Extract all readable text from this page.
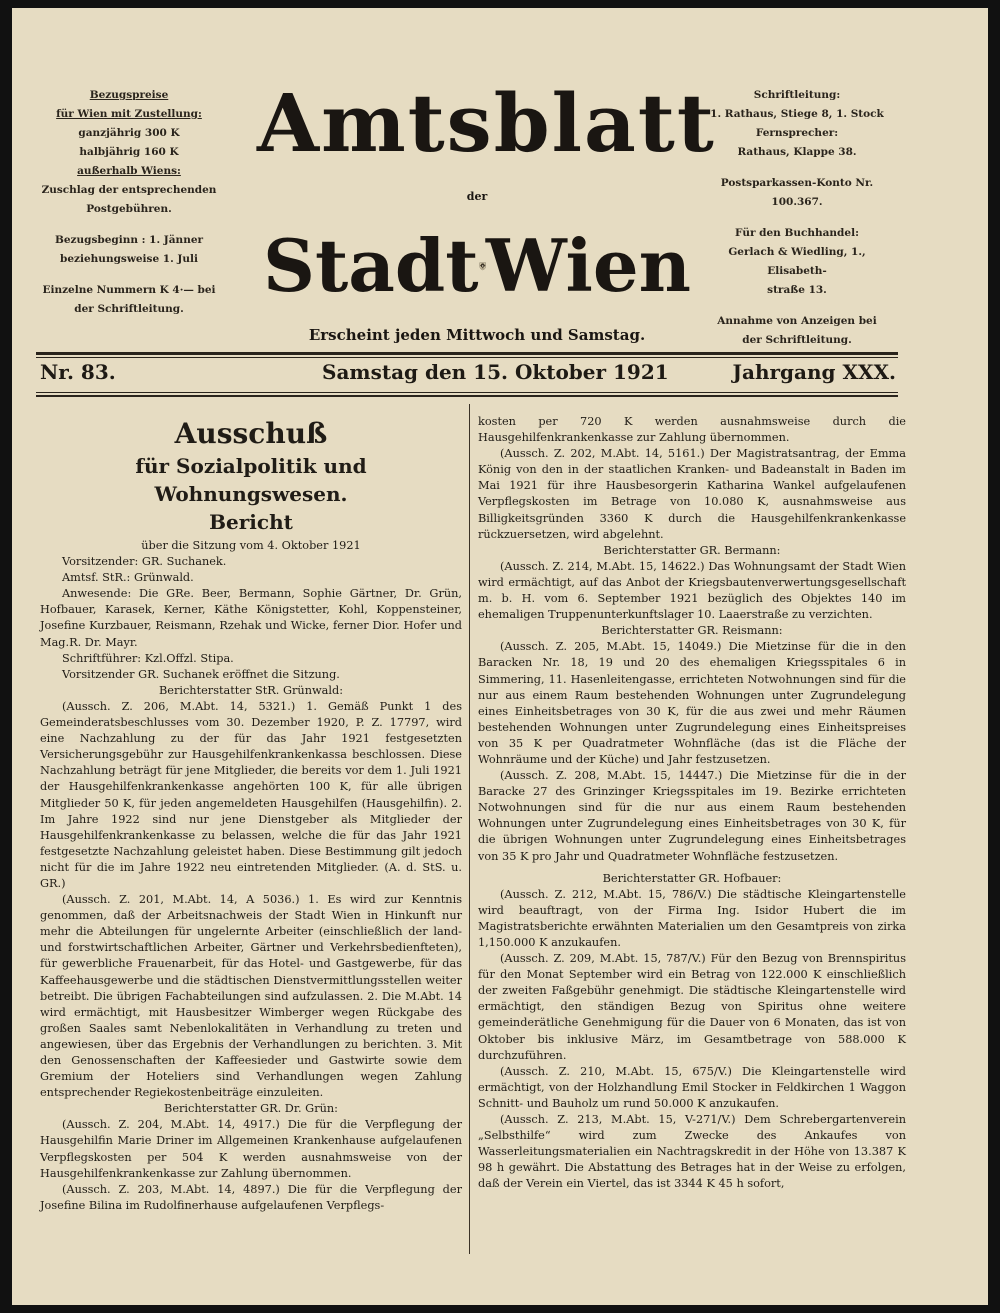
Bezugspreise

für Wien mit Zustellung:

ganzjährig 300 K

halbjährig 160 K

außerhalb Wiens:

Zuschlag der entsprechenden

Postgebühren.

Bezugsbeginn : 1. Jänner

beziehungsweise 1. Juli

Einzelne Nummern K 4·— bei

der Schriftleitung.

Amtsblatt
der
Stadt Wien
Erscheint jeden Mittwoch und Samstag.

Schriftleitung:

1. Rathaus, Stiege 8, 1. Stock

Fernsprecher:

Rathaus, Klappe 38.

Postsparkassen-Konto Nr. 100.367.

Für den Buchhandel:

Gerlach & Wiedling, 1., Elisabeth-

straße 13.

Annahme von Anzeigen bei

der Schriftleitung.

Nr. 83.	Samstag den 15. Oktober 1921	Jahrgang XXX.

Ausschuß

für Sozialpolitik und Wohnungswesen.

Bericht

über die Sitzung vom 4. Oktober 1921

Vorsitzender: GR. Suchanek.

Amtsf. StR.: Grünwald.

Anwesende: Die GRe. Beer, Bermann, Sophie Gärtner, Dr. Grün, Hofbauer, Karasek, Kerner, Käthe Königstetter, Kohl, Koppensteiner, Josefine Kurzbauer, Reismann, Rzehak und Wicke, ferner Dior. Hofer und Mag.R. Dr. Mayr.

Schriftführer: Kzl.Offzl. Stipa.

Vorsitzender GR. Suchanek eröffnet die Sitzung.

Berichterstatter StR. Grünwald:

(Aussch. Z. 206, M.Abt. 14, 5321.) 1. Gemäß Punkt 1 des Gemeinderatsbeschlusses vom 30. Dezember 1920, P. Z. 17797, wird eine Nachzahlung zu der für das Jahr 1921 festgesetzten Versicherungsgebühr zur Hausgehilfenkrankenkassa beschlossen. Diese Nachzahlung beträgt für jene Mitglieder, die bereits vor dem 1. Juli 1921 der Hausgehilfenkrankenkasse angehörten 100 K, für alle übrigen Mitglieder 50 K, für jeden angemeldeten Hausgehilfen (Hausgehilfin). 2. Im Jahre 1922 sind nur jene Dienstgeber als Mitglieder der Hausgehilfenkrankenkasse zu belassen, welche die für das Jahr 1921 festgesetzte Nachzahlung geleistet haben. Diese Bestimmung gilt jedoch nicht für die im Jahre 1922 neu eintretenden Mitglieder. (A. d. StS. u. GR.)

(Aussch. Z. 201, M.Abt. 14, A 5036.) 1. Es wird zur Kenntnis genommen, daß der Arbeitsnachweis der Stadt Wien in Hinkunft nur mehr die Abteilungen für ungelernte Arbeiter (einschließlich der land- und forstwirtschaftlichen Arbeiter, Gärtner und Verkehrsbedienfteten), für gewerbliche Frauenarbeit, für das Hotel- und Gastgewerbe, für das Kaffeehausgewerbe und die städtischen Dienstvermittlungsstellen weiter betreibt. Die übrigen Fachabteilungen sind aufzulassen. 2. Die M.Abt. 14 wird ermächtigt, mit Hausbesitzer Wimberger wegen Rückgabe des großen Saales samt Nebenlokalitäten in Verhandlung zu treten und angewiesen, über das Ergebnis der Verhandlungen zu berichten. 3. Mit den Genossenschaften der Kaffeesieder und Gastwirte sowie dem Gremium der Hoteliers sind Verhandlungen wegen Zahlung entsprechender Regiekostenbeiträge einzuleiten.

Berichterstatter GR. Dr. Grün:

(Aussch. Z. 204, M.Abt. 14, 4917.) Die für die Verpflegung der Hausgehilfin Marie Driner im Allgemeinen Krankenhause aufgelaufenen Verpflegskosten per 504 K werden ausnahmsweise von der Hausgehilfenkrankenkasse zur Zahlung übernommen.

(Aussch. Z. 203, M.Abt. 14, 4897.) Die für die Verpflegung der Josefine Bilina im Rudolfinerhause aufgelaufenen Verpflegs-

kosten per 720 K werden ausnahmsweise durch die Hausgehilfenkrankenkasse zur Zahlung übernommen.

(Aussch. Z. 202, M.Abt. 14, 5161.) Der Magistratsantrag, der Emma König von den in der staatlichen Kranken- und Badeanstalt in Baden im Mai 1921 für ihre Hausbesorgerin Katharina Wankel aufgelaufenen Verpflegskosten im Betrage von 10.080 K, ausnahmsweise aus Billigkeitsgründen 3360 K durch die Hausgehilfenkrankenkasse rückzuersetzen, wird abgelehnt.

Berichterstatter GR. Bermann:

(Aussch. Z. 214, M.Abt. 15, 14622.) Das Wohnungsamt der Stadt Wien wird ermächtigt, auf das Anbot der Kriegsbautenverwertungsgesellschaft m. b. H. vom 6. September 1921 bezüglich des Objektes 140 im ehemaligen Truppenunterkunftslager 10. Laaerstraße zu verzichten.

Berichterstatter GR. Reismann:

(Aussch. Z. 205, M.Abt. 15, 14049.) Die Mietzinse für die in den Baracken Nr. 18, 19 und 20 des ehemaligen Kriegsspitales 6 in Simmering, 11. Hasenleitengasse, errichteten Notwohnungen sind für die nur aus einem Raum bestehenden Wohnungen unter Zugrundelegung eines Einheitsbetrages von 30 K, für die aus zwei und mehr Räumen bestehenden Wohnungen unter Zugrundelegung eines Einheitspreises von 35 K per Quadratmeter Wohnfläche (das ist die Fläche der Wohnräume und der Küche) und Jahr festzusetzen.

(Aussch. Z. 208, M.Abt. 15, 14447.) Die Mietzinse für die in der Baracke 27 des Grinzinger Kriegsspitales im 19. Bezirke errichteten Notwohnungen sind für die nur aus einem Raum bestehenden Wohnungen unter Zugrundelegung eines Einheitsbetrages von 30 K, für die übrigen Wohnungen unter Zugrundelegung eines Einheitsbetrages von 35 K pro Jahr und Quadratmeter Wohnfläche festzusetzen.

Berichterstatter GR. Hofbauer:

(Aussch. Z. 212, M.Abt. 15, 786/V.) Die städtische Kleingartenstelle wird beauftragt, von der Firma Ing. Isidor Hubert die im Magistratsberichte erwähnten Materialien um den Gesamtpreis von zirka 1,150.000 K anzukaufen.

(Aussch. Z. 209, M.Abt. 15, 787/V.) Für den Bezug von Brennspiritus für den Monat September wird ein Betrag von 122.000 K einschließlich der zweiten Faßgebühr genehmigt. Die städtische Kleingartenstelle wird ermächtigt, den ständigen Bezug von Spiritus ohne weitere gemeinderätliche Genehmigung für die Dauer von 6 Monaten, das ist von Oktober bis inklusive März, im Gesamtbetrage von 588.000 K durchzuführen.

(Aussch. Z. 210, M.Abt. 15, 675/V.) Die Kleingartenstelle wird ermächtigt, von der Holzhandlung Emil Stocker in Feldkirchen 1 Waggon Schnitt- und Bauholz um rund 50.000 K anzukaufen.

(Aussch. Z. 213, M.Abt. 15, V-271/V.) Dem Schrebergartenverein „Selbsthilfe“ wird zum Zwecke des Ankaufes von Wasserleitungsmaterialien ein Nachtragskredit in der Höhe von 13.387 K 98 h gewährt. Die Abstattung des Betrages hat in der Weise zu erfolgen, daß der Verein ein Viertel, das ist 3344 K 45 h sofort,
